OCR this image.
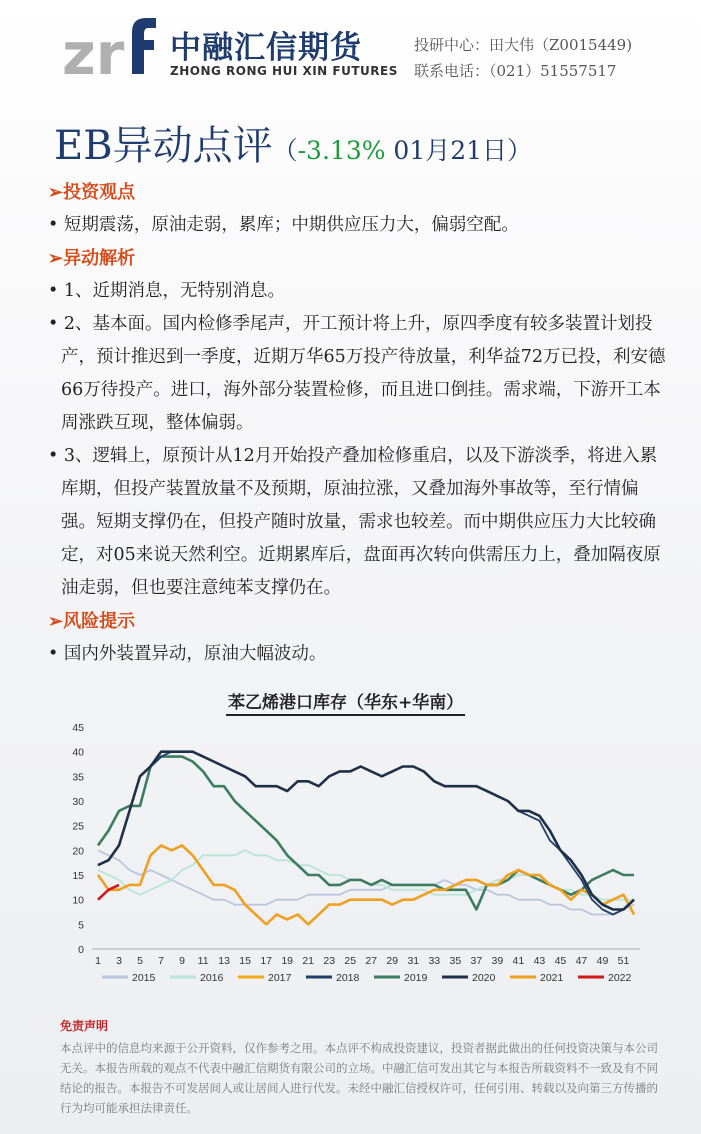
zr 中融汇信期货
ZHONG RONG HUI XIN FUTURES
投研中心：田大伟（Z0015449)
联系电话：（021）51557517
EB异动点评（-3.13% 01月21日）
➢投资观点
• 短期震荡，原油走弱，累库；中期供应压力大，偏弱空配。
➢异动解析
• 1、近期消息，无特别消息。
• 2、基本面。国内检修季尾声，开工预计将上升，原四季度有较多装置计划投产，预计推迟到一季度，近期万华65万投产待放量，利华益72万已投，利安德66万待投产。进口，海外部分装置检修，而且进口倒挂。需求端，下游开工本周涨跌互现，整体偏弱。
• 3、逻辑上，原预计从12月开始投产叠加检修重启，以及下游淡季，将进入累库期，但投产装置放量不及预期，原油拉涨，又叠加海外事故等，至行情偏强。短期支撑仍在，但投产随时放量，需求也较差。而中期供应压力大比较确定，对05来说天然利空。近期累库后，盘面再次转向供需压力上，叠加隔夜原油走弱，但也要注意纯苯支撑仍在。
➢风险提示
• 国内外装置异动，原油大幅波动。
苯乙烯港口库存（华东+华南）
0
5
10
15
20
25
30
35
40
45
1 3 5 7 9 11 13 15 17 19 21 23 25 27 29 31 33 35 37 39 41 43 45 47 49 51
2015	2016	2017	2018	2019	2020	2021	2022
免责声明
本点评中的信息均来源于公开资料，仅作参考之用。本点评不构成投资建议，投资者据此做出的任何投资决策与本公司无关。本报告所载的观点不代表中融汇信期货有限公司的立场。中融汇信可发出其它与本报告所载资料不一致及有不同结论的报告。本报告不可发居间人或让居间人进行代发。未经中融汇信授权许可，任何引用、转载以及向第三方传播的行为均可能承担法律责任。
